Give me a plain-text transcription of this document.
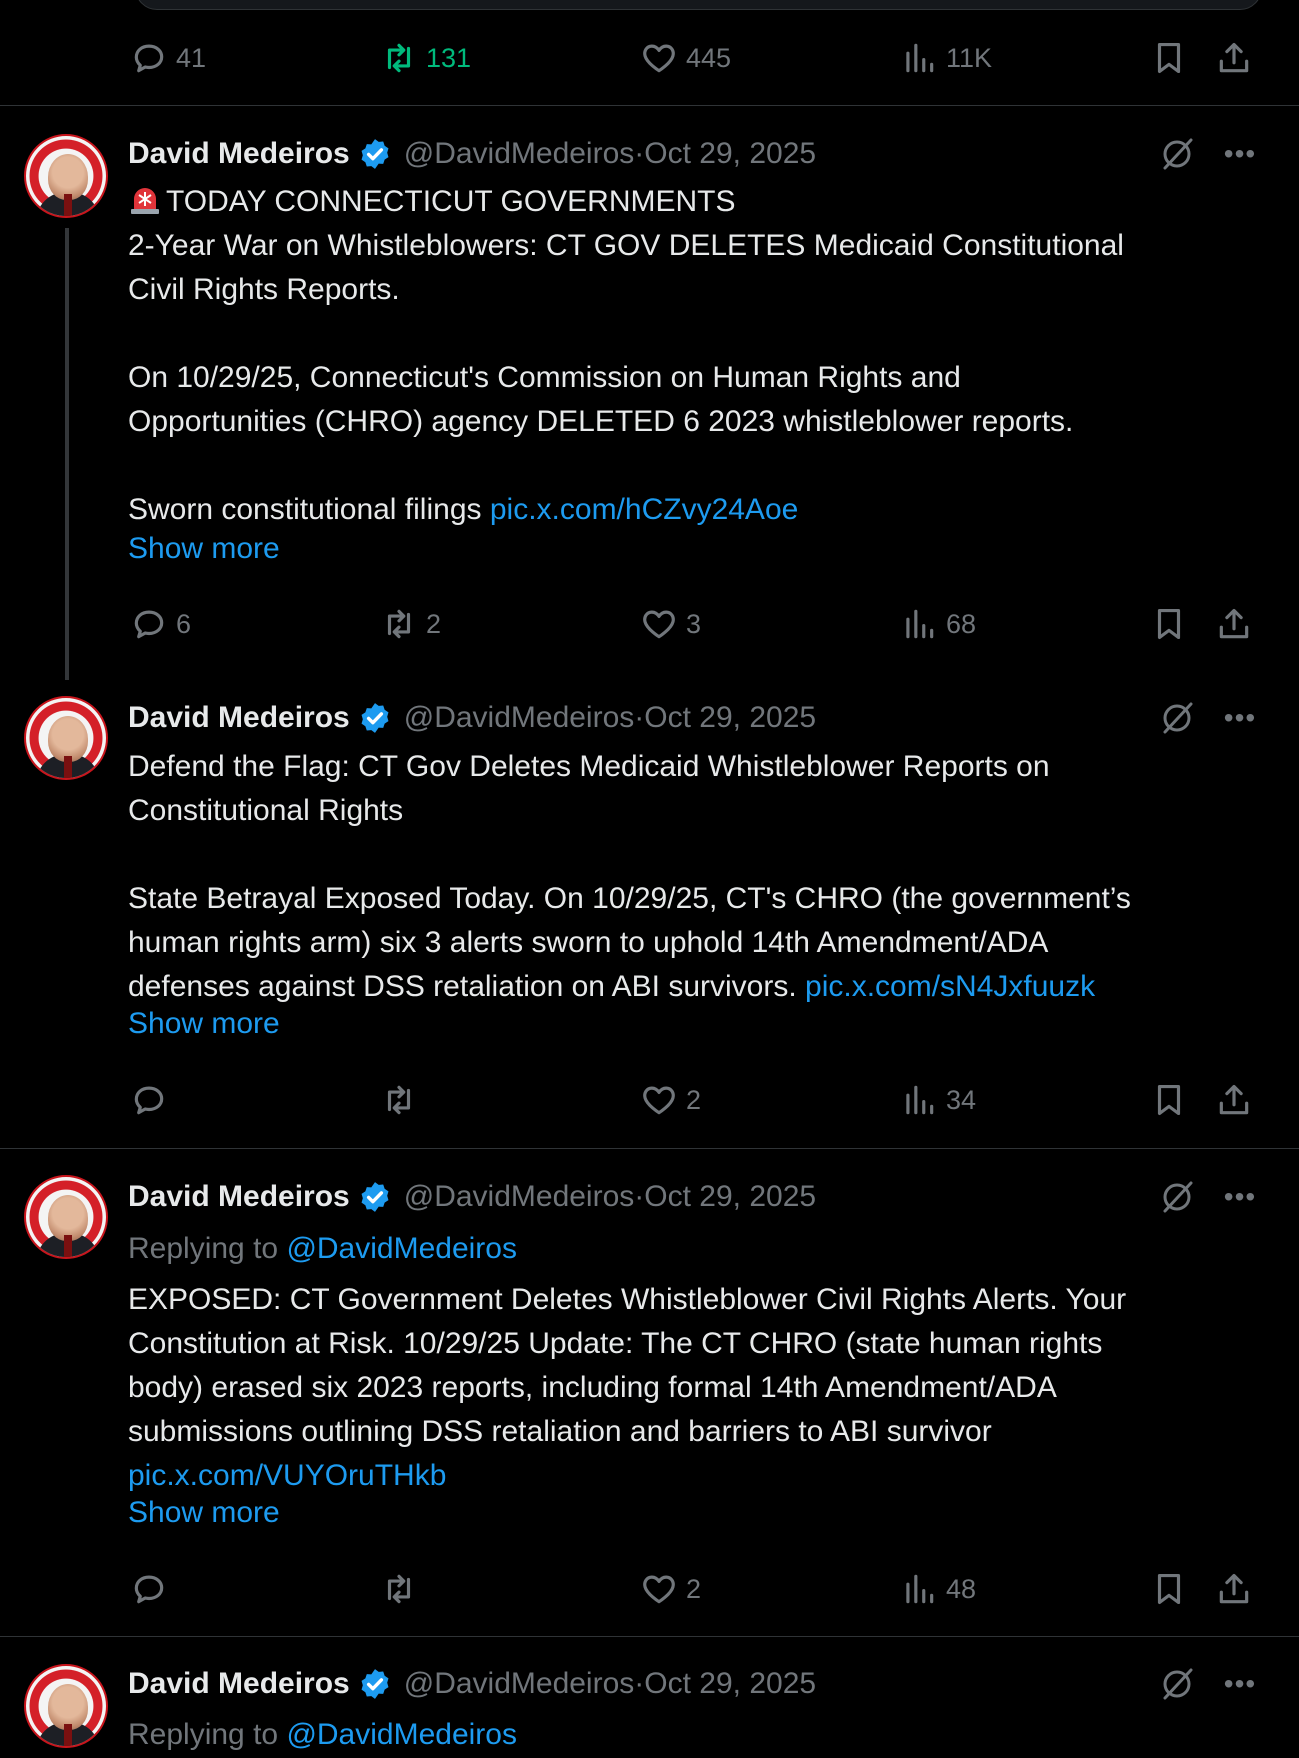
41	131	445	11K
David Medeiros @DavidMedeiros · Oct 29, 2025	•••
TODAY CONNECTICUT GOVERNMENTS
2-Year War on Whistleblowers: CT GOV DELETES Medicaid Constitutional
Civil Rights Reports.
On 10/29/25, Connecticut's Commission on Human Rights and
Opportunities (CHRO) agency DELETED 6 2023 whistleblower reports.
Sworn constitutional filings pic.x.com/hCZvy24Aoe
Show more
6	2	3	68
David Medeiros @DavidMedeiros · Oct 29, 2025	•••
Defend the Flag: CT Gov Deletes Medicaid Whistleblower Reports on
Constitutional Rights
State Betrayal Exposed Today. On 10/29/25, CT's CHRO (the government’s
human rights arm) six 3 alerts sworn to uphold 14th Amendment/ADA
defenses against DSS retaliation on ABI survivors. pic.x.com/sN4Jxfuuzk
Show more
2	34
David Medeiros @DavidMedeiros · Oct 29, 2025	•••
Replying to @DavidMedeiros
EXPOSED: CT Government Deletes Whistleblower Civil Rights Alerts. Your
Constitution at Risk. 10/29/25 Update: The CT CHRO (state human rights
body) erased six 2023 reports, including formal 14th Amendment/ADA
submissions outlining DSS retaliation and barriers to ABI survivor
pic.x.com/VUYOruTHkb
Show more
2	48
David Medeiros @DavidMedeiros · Oct 29, 2025	•••
Replying to @DavidMedeiros
